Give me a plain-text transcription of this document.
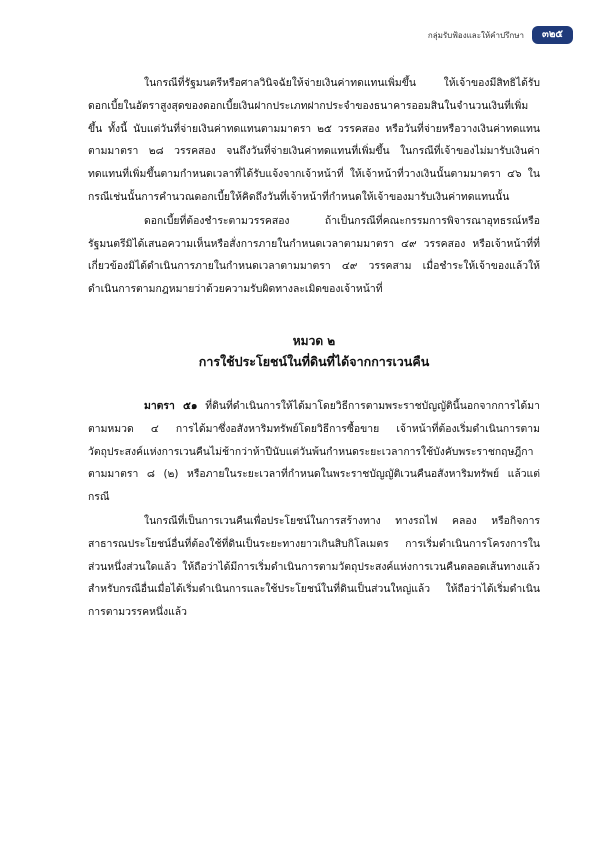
กลุ่มรับฟ้องและให้คำปรึกษา	๓๒๕

ในกรณีที่รัฐมนตรีหรือศาลวินิจฉัยให้จ่ายเงินค่าทดแทนเพิ่มขึ้น ให้เจ้าของมีสิทธิได้รับดอกเบี้ยในอัตราสูงสุดของดอกเบี้ยเงินฝากประเภทฝากประจำของธนาคารออมสินในจำนวนเงินที่เพิ่มขึ้น ทั้งนี้ นับแต่วันที่จ่ายเงินค่าทดแทนตามมาตรา ๒๕ วรรคสอง หรือวันที่จ่ายหรือวางเงินค่าทดแทนตามมาตรา ๒๘ วรรคสอง จนถึงวันที่จ่ายเงินค่าทดแทนที่เพิ่มขึ้น ในกรณีที่เจ้าของไม่มารับเงินค่าทดแทนที่เพิ่มขึ้นตามกำหนดเวลาที่ได้รับแจ้งจากเจ้าหน้าที่ ให้เจ้าหน้าที่วางเงินนั้นตามมาตรา ๔๖ ในกรณีเช่นนั้นการคำนวณดอกเบี้ยให้คิดถึงวันที่เจ้าหน้าที่กำหนดให้เจ้าของมารับเงินค่าทดแทนนั้น

ดอกเบี้ยที่ต้องชำระตามวรรคสอง ถ้าเป็นกรณีที่คณะกรรมการพิจารณาอุทธรณ์หรือรัฐมนตรีมิได้เสนอความเห็นหรือสั่งการภายในกำหนดเวลาตามมาตรา ๔๙ วรรคสอง หรือเจ้าหน้าที่ที่เกี่ยวข้องมิได้ดำเนินการภายในกำหนดเวลาตามมาตรา ๔๙ วรรคสาม เมื่อชำระให้เจ้าของแล้วให้ดำเนินการตามกฎหมายว่าด้วยความรับผิดทางละเมิดของเจ้าหน้าที่

หมวด ๒
การใช้ประโยชน์ในที่ดินที่ได้จากการเวนคืน

มาตรา ๕๑ ที่ดินที่ดำเนินการให้ได้มาโดยวิธีการตามพระราชบัญญัตินี้นอกจากการได้มาตามหมวด ๔ การได้มาซึ่งอสังหาริมทรัพย์โดยวิธีการซื้อขาย เจ้าหน้าที่ต้องเริ่มดำเนินการตามวัตถุประสงค์แห่งการเวนคืนไม่ช้ากว่าห้าปีนับแต่วันพ้นกำหนดระยะเวลาการใช้บังคับพระราชกฤษฎีกาตามมาตรา ๘ (๒) หรือภายในระยะเวลาที่กำหนดในพระราชบัญญัติเวนคืนอสังหาริมทรัพย์ แล้วแต่กรณี

ในกรณีที่เป็นการเวนคืนเพื่อประโยชน์ในการสร้างทาง ทางรถไฟ คลอง หรือกิจการสาธารณประโยชน์อื่นที่ต้องใช้ที่ดินเป็นระยะทางยาวเกินสิบกิโลเมตร การเริ่มดำเนินการโครงการในส่วนหนึ่งส่วนใดแล้ว ให้ถือว่าได้มีการเริ่มดำเนินการตามวัตถุประสงค์แห่งการเวนคืนตลอดเส้นทางแล้ว สำหรับกรณีอื่นเมื่อได้เริ่มดำเนินการและใช้ประโยชน์ในที่ดินเป็นส่วนใหญ่แล้ว ให้ถือว่าได้เริ่มดำเนินการตามวรรคหนึ่งแล้ว
